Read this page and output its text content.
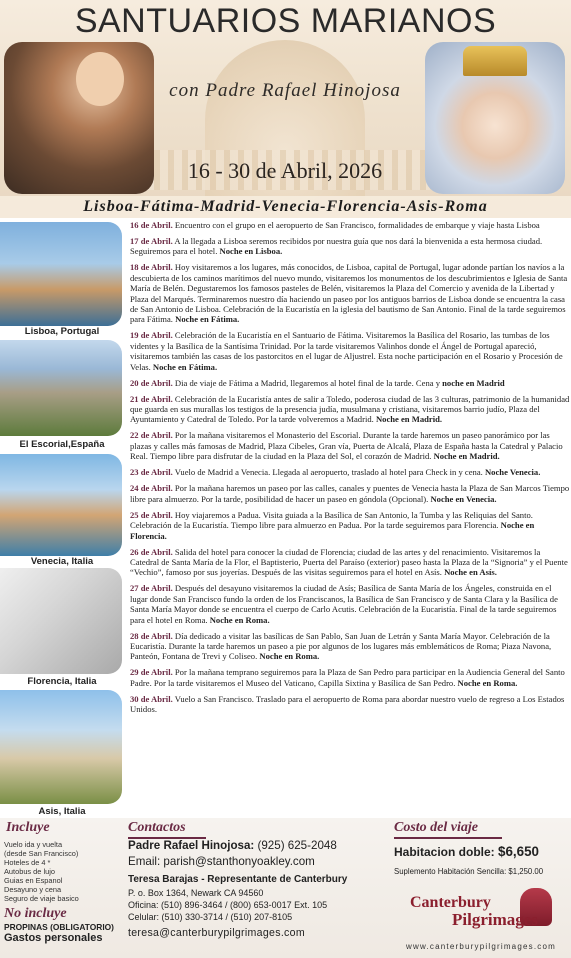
SANTUARIOS MARIANOS
con Padre Rafael Hinojosa
16 - 30 de Abril, 2026
Lisboa-Fátima-Madrid-Venecia-Florencia-Asis-Roma
Lisboa, Portugal
El Escorial,España
Venecia, Italia
Florencia, Italia
Asis, Italia
16 de Abril. Encuentro con el grupo en el aeropuerto de San Francisco, formalidades de embarque y viaje hasta Lisboa
17 de Abril. A la llegada a Lisboa seremos recibidos por nuestra guía que nos dará la bienvenida a esta hermosa ciudad. Seguiremos para el hotel. Noche en Lisboa.
18 de Abril. Hoy visitaremos a los lugares, más conocidos, de Lisboa, capital de Portugal, lugar adonde partían los navíos a la descubierta de los caminos marítimos del nuevo mundo, visitaremos los monumentos de los descubrimientos e Iglesia de Santa María de Belén. Degustaremos los famosos pasteles de Belén, visitaremos la Plaza del Comercio y avenida de la Libertad y Plaza del Marqués. Terminaremos nuestro día haciendo un paseo por los antiguos barrios de Lisboa donde se encuentra la casa de San Antonio de Lisboa. Celebración de la Eucaristía en la iglesia del bautismo de San Antonio. Final de la tarde seguiremos para Fátima. Noche en Fátima.
19 de Abril. Celebración de la Eucaristía en el Santuario de Fátima. Visitaremos la Basílica del Rosario, las tumbas de los videntes y la Basílica de la Santísima Trinidad. Por la tarde visitaremos Valinhos donde el Ángel de Portugal apareció, visitaremos también las casas de los pastorcitos en el lugar de Aljustrel. Esta noche participación en el Rosario y Procesión de Velas. Noche en Fátima.
20 de Abril. Dia de viaje de Fátima a Madrid, llegaremos al hotel final de la tarde. Cena y noche en Madrid
21 de Abril. Celebración de la Eucaristía antes de salir a Toledo, poderosa ciudad de las 3 culturas, patrimonio de la humanidad que guarda en sus murallas los testigos de la presencia judía, musulmana y cristiana, visitaremos barrio judío, Plaza del Ayuntamiento y Catedral de Toledo. Por la tarde volveremos a Madrid. Noche en Madrid.
22 de Abril. Por la mañana visitaremos el Monasterio del Escorial. Durante la tarde haremos un paseo panorámico por las plazas y calles más famosas de Madrid, Plaza Cibeles, Gran vía, Puerta de Alcalá, Plaza de España hasta la Catedral y Palacio Real. Tiempo libre para disfrutar de la ciudad en la Plaza del Sol, el corazón de Madrid. Noche en Madrid.
23 de Abril. Vuelo de Madrid a Venecia. Llegada al aeropuerto, traslado al hotel para Check in y cena. Noche Venecia.
24 de Abril. Por la mañana haremos un paseo por las calles, canales y puentes de Venecia hasta la Plaza de San Marcos Tiempo libre para almuerzo. Por la tarde, posibilidad de hacer un paseo en góndola (Opcional). Noche en Venecia.
25 de Abril. Hoy viajaremos a Padua. Visita guiada a la Basílica de San Antonio, la Tumba y las Reliquias del Santo. Celebración de la Eucaristía. Tiempo libre para almuerzo en Padua. Por la tarde seguiremos para Florencia. Noche en Florencia.
26 de Abril. Salida del hotel para conocer la ciudad de Florencia; ciudad de las artes y del renacimiento. Visitaremos la Catedral de Santa María de la Flor, el Baptisterio, Puerta del Paraíso (exterior) paseo hasta la Plaza de la “Signoria” y el Puente “Vechio”, famoso por sus joyerías. Después de las visitas seguiremos para el hotel en Asís. Noche en Asís.
27 de Abril. Después del desayuno visitaremos la ciudad de Asís; Basílica de Santa María de los Ángeles, construida en el lugar donde San Francisco fundo la orden de los Franciscanos, la Basílica de San Francisco y de Santa Clara y la Basílica de Santa María Mayor donde se encuentra el cuerpo de Carlo Acutis. Celebración de la Eucaristía. Final de la tarde seguiremos para el hotel en Roma. Noche en Roma.
28 de Abril. Día dedicado a visitar las basílicas de San Pablo, San Juan de Letrán y Santa María Mayor. Celebración de la Eucaristía. Durante la tarde haremos un paseo a pie por algunos de los lugares más emblemáticos de Roma; Piaza Navona, Panteón, Fontana de Trevi y Coliseo. Noche en Roma.
29 de Abril. Por la mañana temprano seguiremos para la Plaza de San Pedro para participar en la Audiencia General del Santo Padre. Por la tarde visitaremos el Museo del Vaticano, Capilla Sixtina y Basílica de San Pedro. Noche en Roma.
30 de Abril. Vuelo a San Francisco. Traslado para el aeropuerto de Roma para abordar nuestro vuelo de regreso a Los Estados Unidos.
Incluye
Vuelo ida y vuelta
(desde San Francisco)
Hoteles de 4 *
Autobus de lujo
Guias en Espanol
Desayuno y cena
Seguro de viaje basico
No incluye
PROPINAS (OBLIGATORIO)
Gastos personales
Contactos
Padre Rafael Hinojosa: (925) 625-2048
Email: parish@stanthonyoakley.com
Teresa Barajas - Representante de Canterbury
P. o. Box 1364, Newark CA 94560
Oficina: (510) 896-3464 / (800) 653-0017 Ext. 105
Celular: (510) 330-3714 / (510) 207-8105
teresa@canterburypilgrimages.com
Costo del viaje
Habitacion doble: $6,650
Suplemento Habitación Sencilla: $1,250.00
Canterbury
Pilgrimages
www.canterburypilgrimages.com
